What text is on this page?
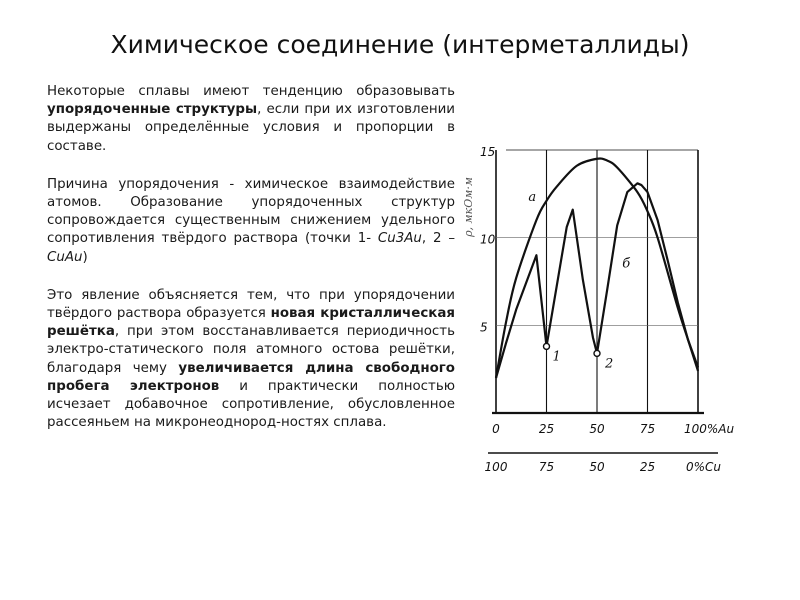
Химическое соединение (интерметаллиды)

Некоторые сплавы имеют тенденцию образовывать упорядоченные структуры, если при их изготовлении выдержаны определённые условия и пропорции в составе.

Причина упорядочения - химическое взаимодействие атомов. Образование упорядоченных структур сопровождается существенным снижением удельного сопротивления твёрдого раствора (точки 1- Cu3Au, 2 – CuAu)

Это явление объясняется тем, что при упорядочении твёрдого раствора образуется новая кристаллическая решётка, при этом восстанавливается периодичность электро-статического поля атомного остова решётки, благодаря чему увеличивается длина свободного пробега электронов и практически полностью исчезает добавочное сопротивление, обусловленное рассеяньем на микронеоднород-ностях сплава.

15
10
5
ρ, мкОм·м
0	25	50	75 100%Au
100	75	50	25	0%Cu
а
б
1	2
